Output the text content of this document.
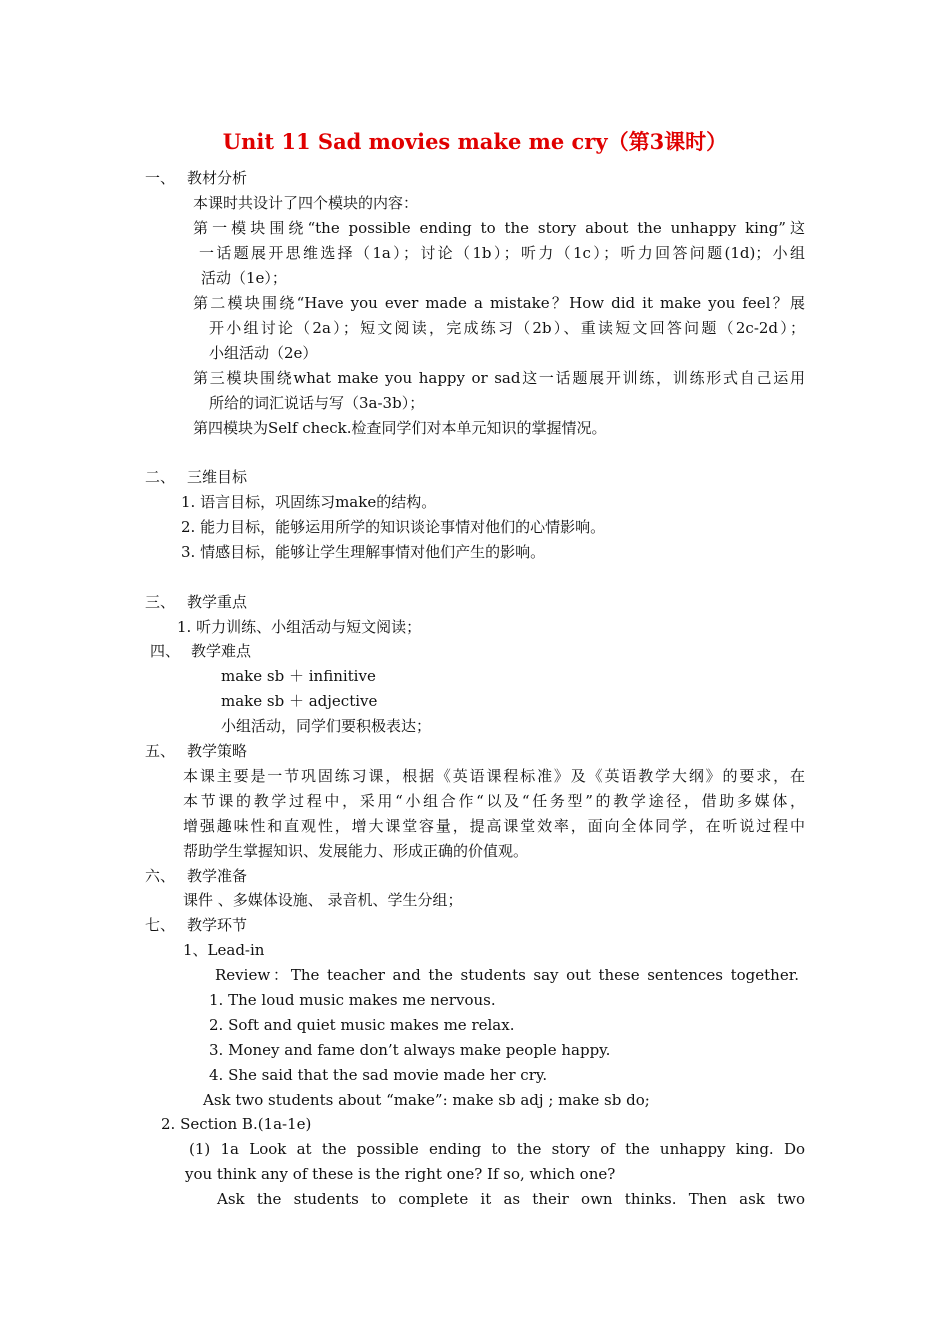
Unit 11 Sad movies make me cry（第3课时）
一、 教材分析
本课时共设计了四个模块的内容：
第一模块围绕“the possible ending to the story about the unhappy king”这
一话题展开思维选择（1a）；讨论（1b）；听力（1c）；听力回答问题(1d)；小组
活动（1e）；
第二模块围绕“Have you ever made a mistake？How did it make you feel？展
开小组讨论（2a）；短文阅读，完成练习（2b）、重读短文回答问题（2c-2d）；
小组活动（2e）
第三模块围绕what make you happy or sad这一话题展开训练，训练形式自己运用
所给的词汇说话与写（3a-3b）；
第四模块为Self check.检查同学们对本单元知识的掌握情况。
二、 三维目标
1. 语言目标，巩固练习make的结构。
2. 能力目标，能够运用所学的知识谈论事情对他们的心情影响。
3. 情感目标，能够让学生理解事情对他们产生的影响。
三、 教学重点
1. 听力训练、小组活动与短文阅读；
四、 教学难点
make sb ＋ infinitive
make sb ＋ adjective
小组活动，同学们要积极表达；
五、 教学策略
本课主要是一节巩固练习课，根据《英语课程标准》及《英语教学大纲》的要求，在
本节课的教学过程中，采用“小组合作“以及“任务型”的教学途径，借助多媒体，
增强趣味性和直观性，增大课堂容量，提高课堂效率，面向全体同学，在听说过程中
帮助学生掌握知识、发展能力、形成正确的价值观。
六、 教学准备
课件 、多媒体设施、 录音机、学生分组；
七、 教学环节
1、Lead-in
Review：The teacher and the students say out these sentences together.
1. The loud music makes me nervous.
2. Soft and quiet music makes me relax.
3. Money and fame don’t always make people happy.
4. She said that the sad movie made her cry.
Ask two students about “make”: make sb adj ; make sb do;
2. Section B.(1a-1e)
(1) 1a Look at the possible ending to the story of the unhappy king. Do
you think any of these is the right one? If so, which one?
Ask the students to complete it as their own thinks. Then ask two
